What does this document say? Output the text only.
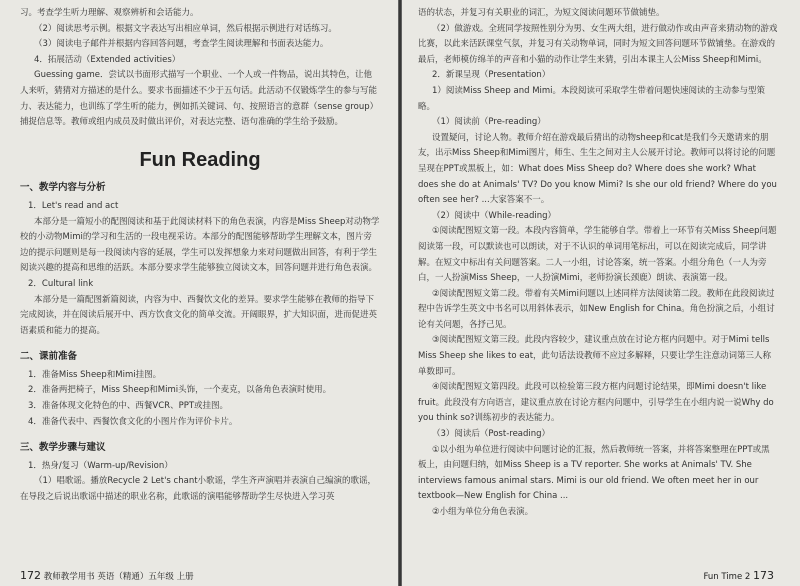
习。考查学生听力理解、观察辨析和会话能力。

（2）阅读思考示例。根据文字表达写出相应单词，然后根据示例进行对话练习。

（3）阅读电子邮件并根据内容回答问题，考查学生阅读理解和书面表达能力。

4．拓展活动（Extended activities）

Guessing game．尝试以书面形式描写一个职业、一个人或一件物品，说出其特色，让他人来听，猜猜对方描述的是什么。要求书面描述不少于五句话。此活动不仅锻炼学生的参与写能力、表达能力，也训练了学生听的能力，例如抓关键词、句、按照语言的意群（sense group）捕捉信息等。教师或组内成员及时做出评价，对表达完整、语句准确的学生给予鼓励。

Fun Reading
一、教学内容与分析

1．Let's read and act

本部分是一篇短小的配图阅读和基于此阅读材料下的角色表演，内容是Miss Sheep对动物学校的小动物Mimi的学习和生活的一段电视采访。本部分的配图能够帮助学生理解文本，图片旁边的提示问题则是每一段阅读内容的延展，学生可以发挥想象力来对问题做出回答，有利于学生阅读兴趣的提高和思维的活跃。本部分要求学生能够独立阅读文本，回答问题并进行角色表演。

2．Cultural link

本部分是一篇配图新篇阅读，内容为中、西餐饮文化的差异。要求学生能够在教师的指导下完成阅读，并在阅读后展开中、西方饮食文化的简单交流。开阔眼界，扩大知识面，进而促进英语素质和能力的提高。

二、课前准备

1．准备Miss Sheep和Mimi挂图。

2．准备两把椅子，Miss Sheep和Mimi头饰，一个麦克，以备角色表演时使用。

3．准备体现文化特色的中、西餐VCR、PPT或挂图。

4．准备代表中、西餐饮食文化的小图片作为评价卡片。

三、教学步骤与建议

1．热身/复习（Warm-up/Revision）

（1）唱歌谣。播放Recycle 2 Let's chant小歌谣，学生齐声演唱并表演自己编演的歌谣，在导段之后说出歌谣中描述的职业名称，此歌谣的演唱能够帮助学生尽快进入学习英

172 教师教学用书 英语（精通）五年级 上册

语的状态，并复习有关职业的词汇，为短文阅读问题环节做铺垫。

（2）做游戏。全班同学按照性别分为男、女生两大组，进行做动作或由声音来猜动物的游戏比赛，以此来活跃课堂气氛，并复习有关动物单词，同时为短文回答问题环节做铺垫。在游戏的最后，老师模仿绵羊的声音和小猫的动作让学生来猜，引出本课主人公Miss Sheep和Mimi。

2．新课呈现（Presentation）

1）阅读Miss Sheep and Mimi。本段阅读可采取学生带着问题快速阅读的主动参与型策略。

（1）阅读前（Pre-reading）

设置疑问，讨论人物。教师介绍在游戏最后猜出的动物sheep和cat是我们今天邀请来的朋友，出示Miss Sheep和Mimi图片，师生、生生之间对主人公展开讨论。教师可以将讨论的问题呈现在PPT或黑板上，如：What does Miss Sheep do? Where does she work? What does she do at Animals' TV? Do you know Mimi? Is she our old friend? Where do you often see her? ...大家答案不一。

（2）阅读中（While-reading）

①阅读配图短文第一段。本段内容简单，学生能够自学。带着上一环节有关Miss Sheep问题阅读第一段，可以默读也可以朗读，对于不认识的单词用笔标出，可以在阅读完成后，同学讲解。在短文中标出有关问题答案。二人一小组，讨论答案，统一答案。小组分角色（一人为旁白，一人扮演Miss Sheep，一人扮演Mimi，老师扮演长颈鹿）朗读、表演第一段。

②阅读配图短文第二段。带着有关Mimi问题以上述同样方法阅读第二段。教师在此段阅读过程中告诉学生英文中书名可以用斜体表示，如New English for China。角色扮演之后，小组讨论有关问题，各抒己见。

③阅读配图短文第三段。此段内容较少，建议重点放在讨论方框内问题中。对于Mimi tells Miss Sheep she likes to eat，此句话法设教师不应过多解释，只要让学生注意动词第三人称单数即可。

④阅读配图短文第四段。此段可以检验第三段方框内问题讨论结果，即Mimi doesn't like fruit。此段没有方向语言，建议重点放在讨论方框内问题中，引导学生在小组内说一说Why do you think so?训练初步的表达能力。

（3）阅读后（Post-reading）

①以小组为单位进行阅读中问题讨论的汇报，然后教师统一答案，并将答案整理在PPT或黑板上，由问题归纳，如Miss Sheep is a TV reporter. She works at Animals' TV. She interviews famous animal stars. Mimi is our old friend. We often meet her in our textbook—New English for China ...

②小组为单位分角色表演。

Fun Time 2 173
